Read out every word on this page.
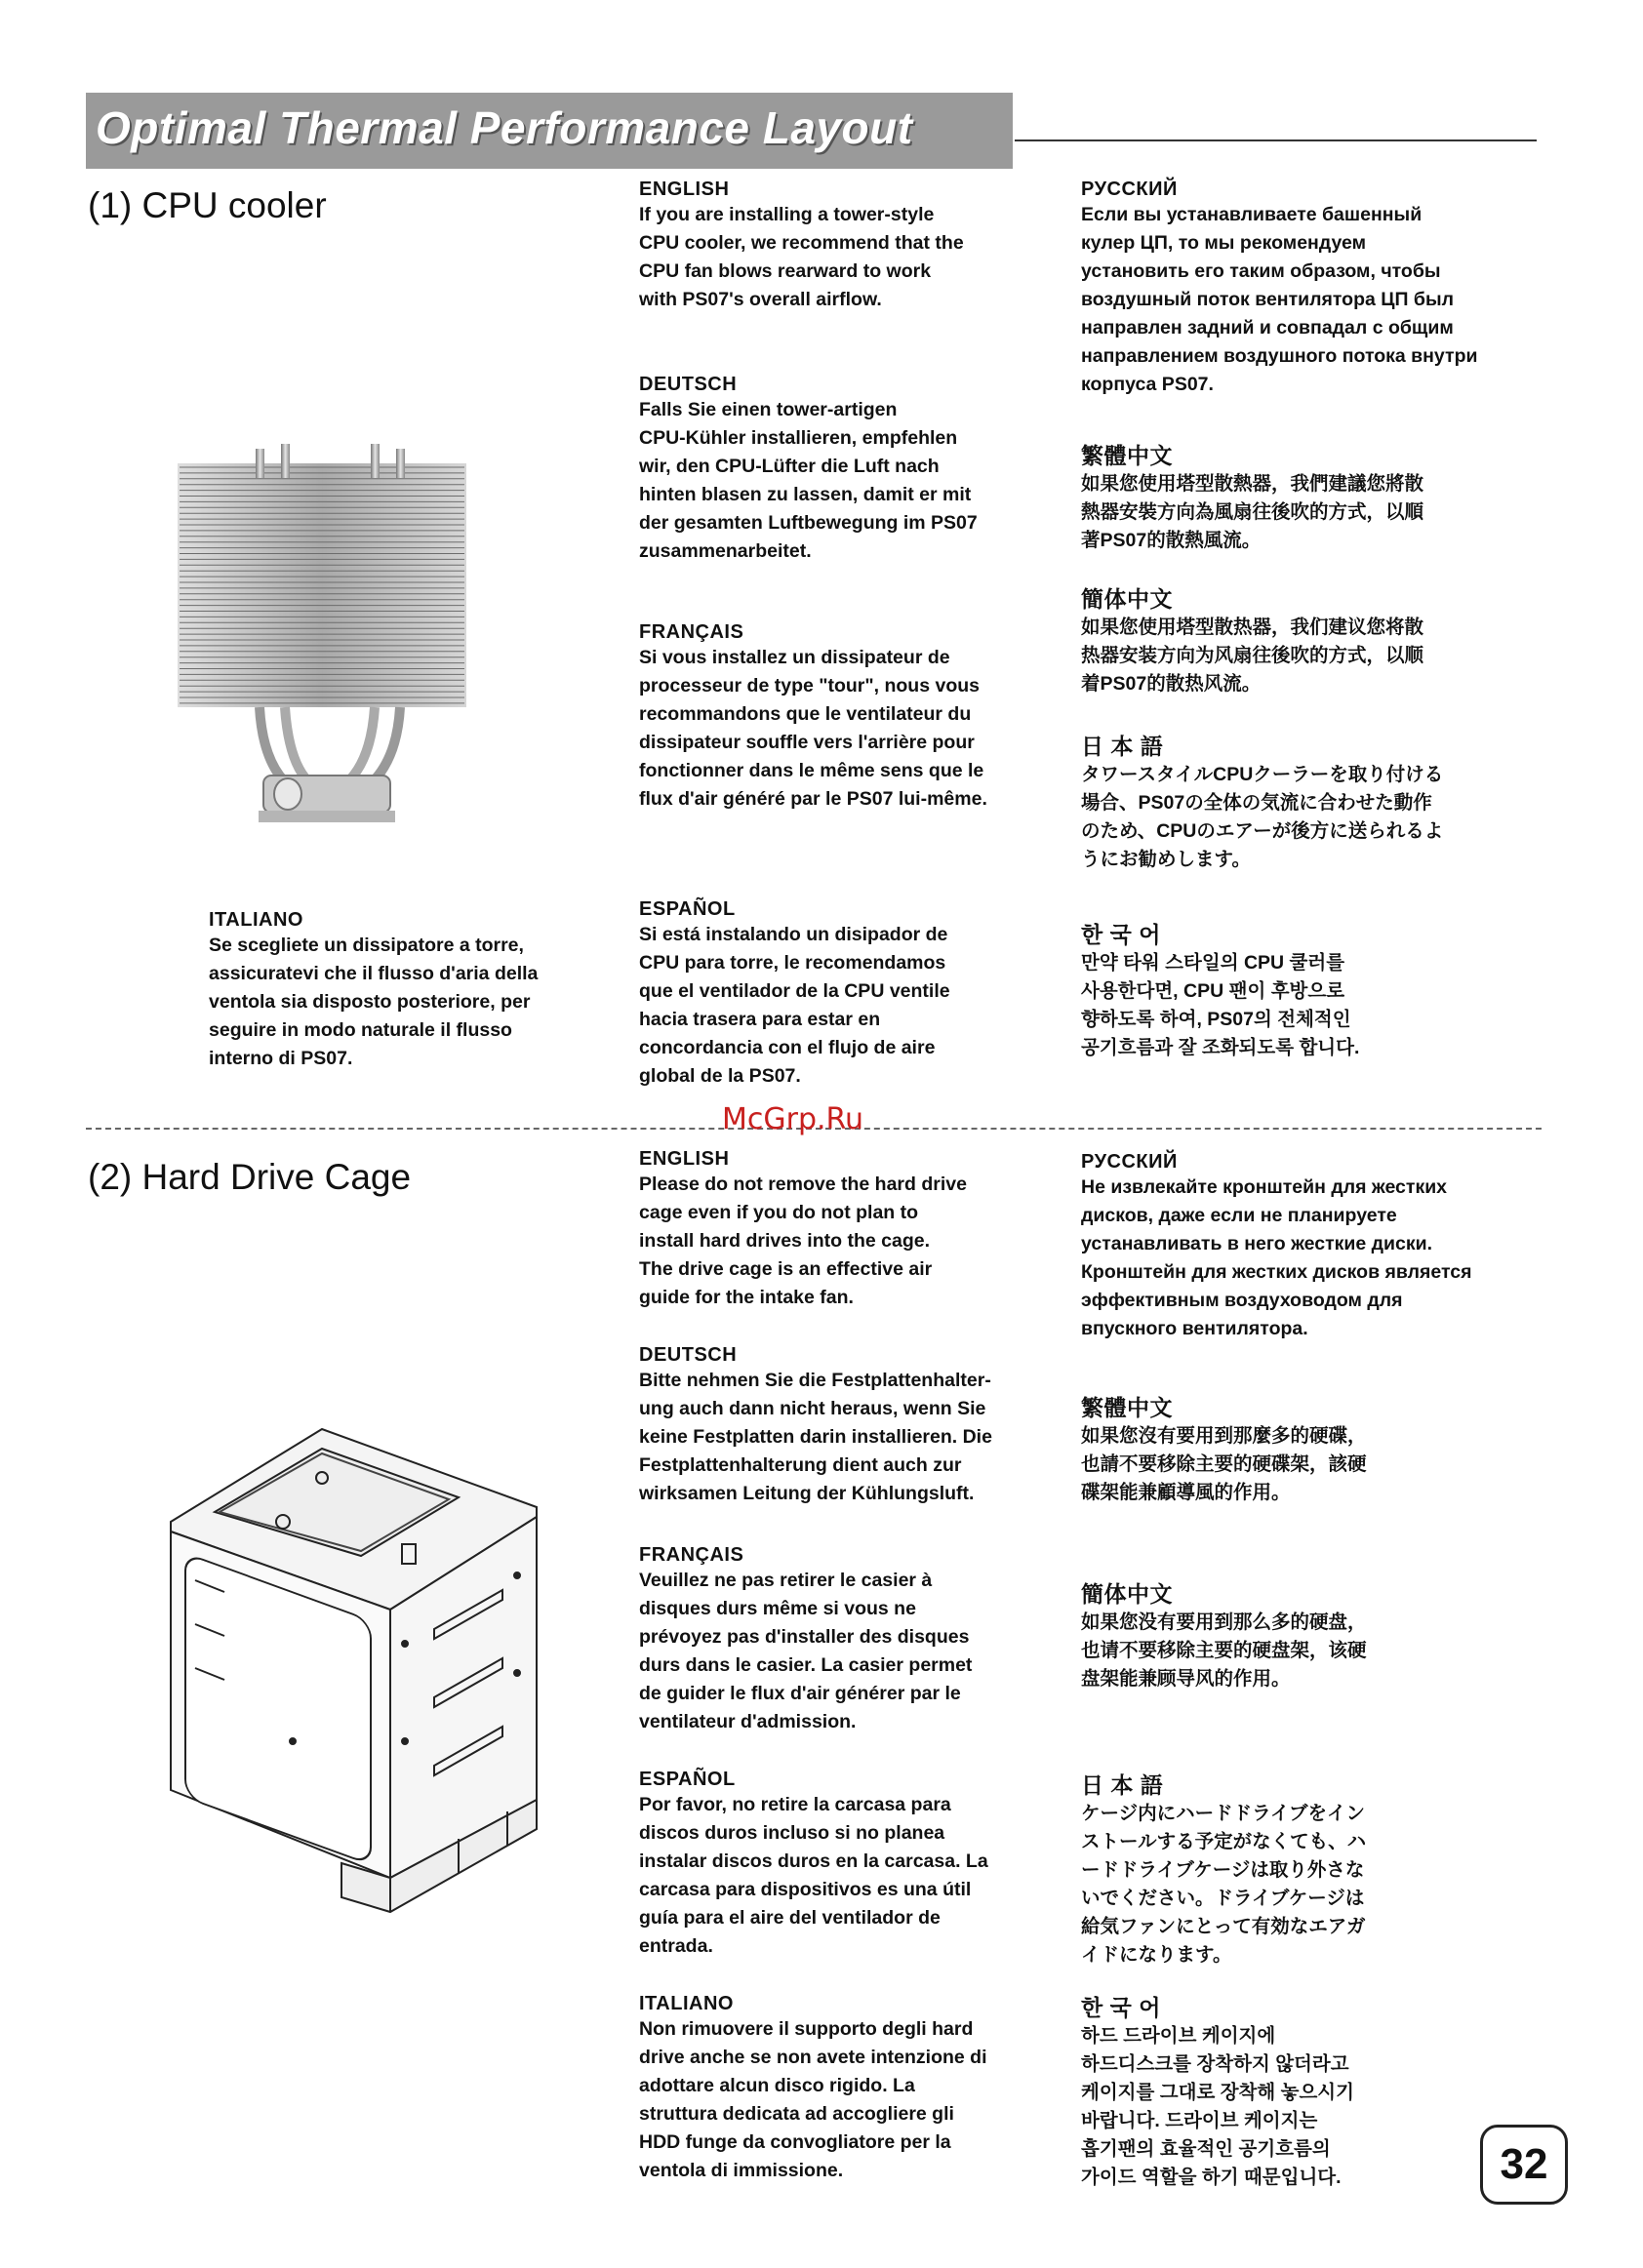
Optimal Thermal Performance Layout
(1) CPU cooler	ENGLISH
If you are installing a tower-style
CPU cooler, we recommend that the
CPU fan blows rearward to work
with PS07's overall airflow.
DEUTSCH
Falls Sie einen tower-artigen
CPU-Kühler installieren, empfehlen
wir, den CPU-Lüfter die Luft nach
hinten blasen zu lassen, damit er mit
der gesamten Luftbewegung im PS07
zusammenarbeitet.
FRANÇAIS
Si vous installez un dissipateur de
processeur de type "tour", nous vous
recommandons que le ventilateur du
dissipateur souffle vers l'arrière pour
fonctionner dans le même sens que le
flux d'air généré par le PS07 lui-même.
ESPAÑOL
Si está instalando un disipador de
CPU para torre, le recomendamos
que el ventilador de la CPU ventile
hacia trasera para estar en
concordancia con el flujo de aire
global de la PS07.
ITALIANO
Se scegliete un dissipatore a torre,
assicuratevi che il flusso d'aria della
ventola sia disposto posteriore, per
seguire in modo naturale il flusso
interno di PS07.
РУССКИЙ
Если вы устанавливаете башенный
кулер ЦП, то мы рекомендуем
установить его таким образом, чтобы
воздушный поток вентилятора ЦП был
направлен задний и совпадал с общим
направлением воздушного потока внутри
корпуса PS07.
繁體中文
如果您使用塔型散熱器，我們建議您將散
熱器安裝方向為風扇往後吹的方式，以順
著PS07的散熱風流。
簡体中文
如果您使用塔型散热器，我们建议您将散
热器安装方向为风扇往後吹的方式，以顺
着PS07的散热风流。
日 本 語
タワースタイルCPUクーラーを取り付ける
場合、PS07の全体の気流に合わせた動作
のため、CPUのエアーが後方に送られるよ
うにお勧めします。
한 국 어
만약 타워 스타일의 CPU 쿨러를
사용한다면, CPU 팬이 후방으로
향하도록 하여, PS07의 전체적인
공기흐름과 잘 조화되도록 합니다.
McGrp.Ru
(2) Hard Drive Cage	ENGLISH
Please do not remove the hard drive
cage even if you do not plan to
install hard drives into the cage.
The drive cage is an effective air
guide for the intake fan.
DEUTSCH
Bitte nehmen Sie die Festplattenhalter-
ung auch dann nicht heraus, wenn Sie
keine Festplatten darin installieren. Die
Festplattenhalterung dient auch zur
wirksamen Leitung der Kühlungsluft.
FRANÇAIS
Veuillez ne pas retirer le casier à
disques durs même si vous ne
prévoyez pas d'installer des disques
durs dans le casier. La casier permet
de guider le flux d'air générer par le
ventilateur d'admission.
ESPAÑOL
Por favor, no retire la carcasa para
discos duros incluso si no planea
instalar discos duros en la carcasa. La
carcasa para dispositivos es una útil
guía para el aire del ventilador de
entrada.
ITALIANO
Non rimuovere il supporto degli hard
drive anche se non avete intenzione di
adottare alcun disco rigido. La
struttura dedicata ad accogliere gli
HDD funge da convogliatore per la
ventola di immissione.
РУССКИЙ
Не извлекайте кронштейн для жестких
дисков, даже если не планируете
устанавливать в него жесткие диски.
Кронштейн для жестких дисков является
эффективным воздуховодом для
впускного вентилятора.
繁體中文
如果您沒有要用到那麼多的硬碟，
也請不要移除主要的硬碟架，該硬
碟架能兼顧導風的作用。
簡体中文
如果您没有要用到那么多的硬盘，
也请不要移除主要的硬盘架，该硬
盘架能兼顾导风的作用。
日 本 語
ケージ内にハードドライブをイン
ストールする予定がなくても、ハ
ードドライブケージは取り外さな
いでください。ドライブケージは
給気ファンにとって有効なエアガ
イドになります。
한 국 어
하드 드라이브 케이지에
하드디스크를 장착하지 않더라고
케이지를 그대로 장착해 놓으시기
바랍니다. 드라이브 케이지는
흡기팬의 효율적인 공기흐름의
가이드 역할을 하기 때문입니다.	32
